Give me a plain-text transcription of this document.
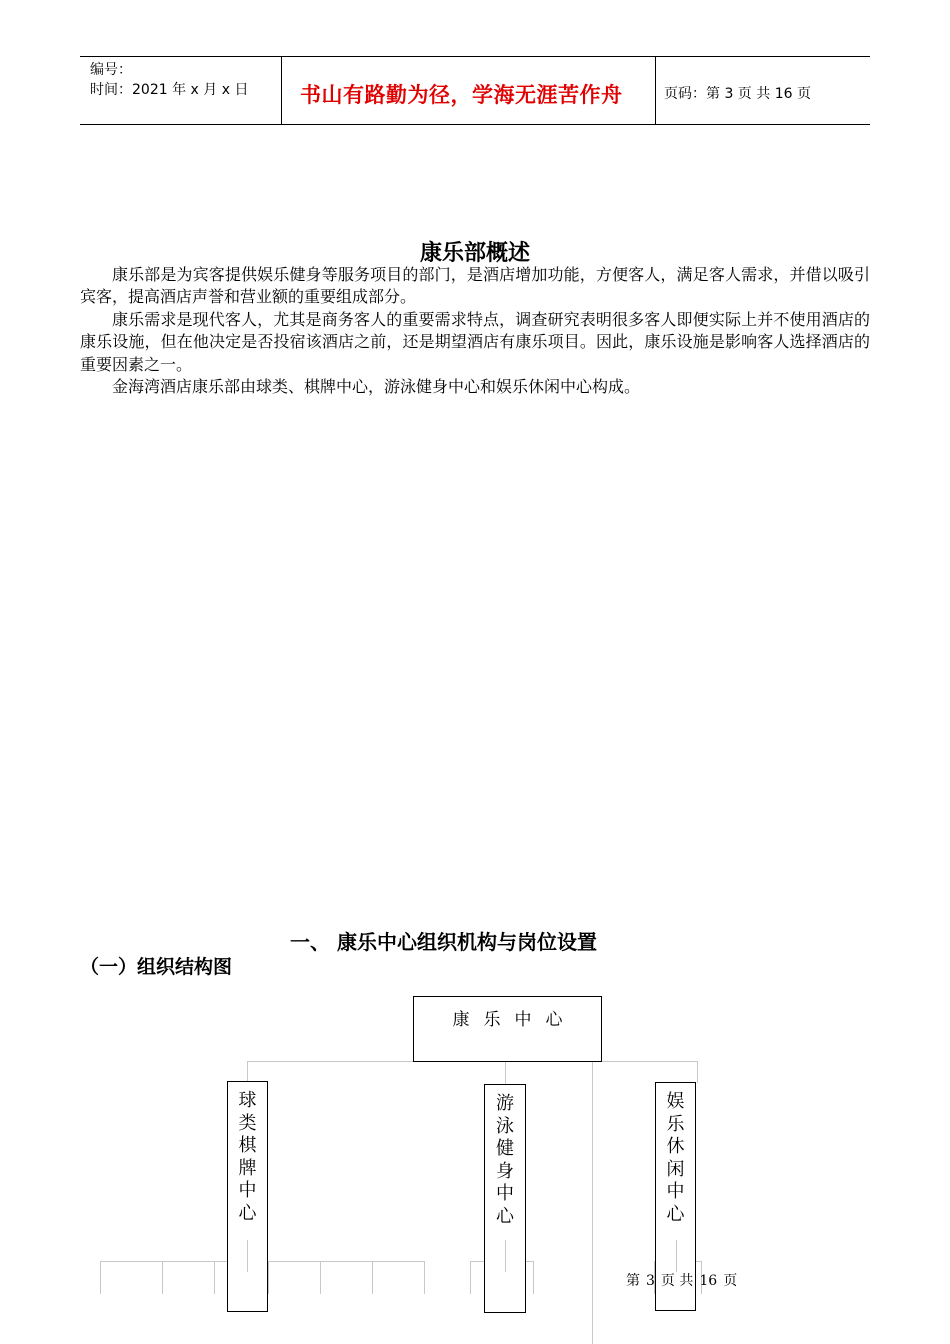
编号：
时间：2021 年 x 月 x 日 书山有路勤为径，学海无涯苦作舟	页码：第 3 页 共 16 页
康乐部概述

康乐部是为宾客提供娱乐健身等服务项目的部门，是酒店增加功能，方便客人，满足客人需求，并借以吸引宾客，提高酒店声誉和营业额的重要组成部分。

康乐需求是现代客人，尤其是商务客人的重要需求特点，调查研究表明很多客人即便实际上并不使用酒店的康乐设施，但在他决定是否投宿该酒店之前，还是期望酒店有康乐项目。因此，康乐设施是影响客人选择酒店的重要因素之一。

金海湾酒店康乐部由球类、棋牌中心，游泳健身中心和娱乐休闲中心构成。

一、 康乐中心组织机构与岗位设置
（一）组织结构图
康乐中心
球
类
棋
牌
中
心
游
泳
健
身
中
心
娱
乐
休
闲
中
心
第 3 页 共 16 页
